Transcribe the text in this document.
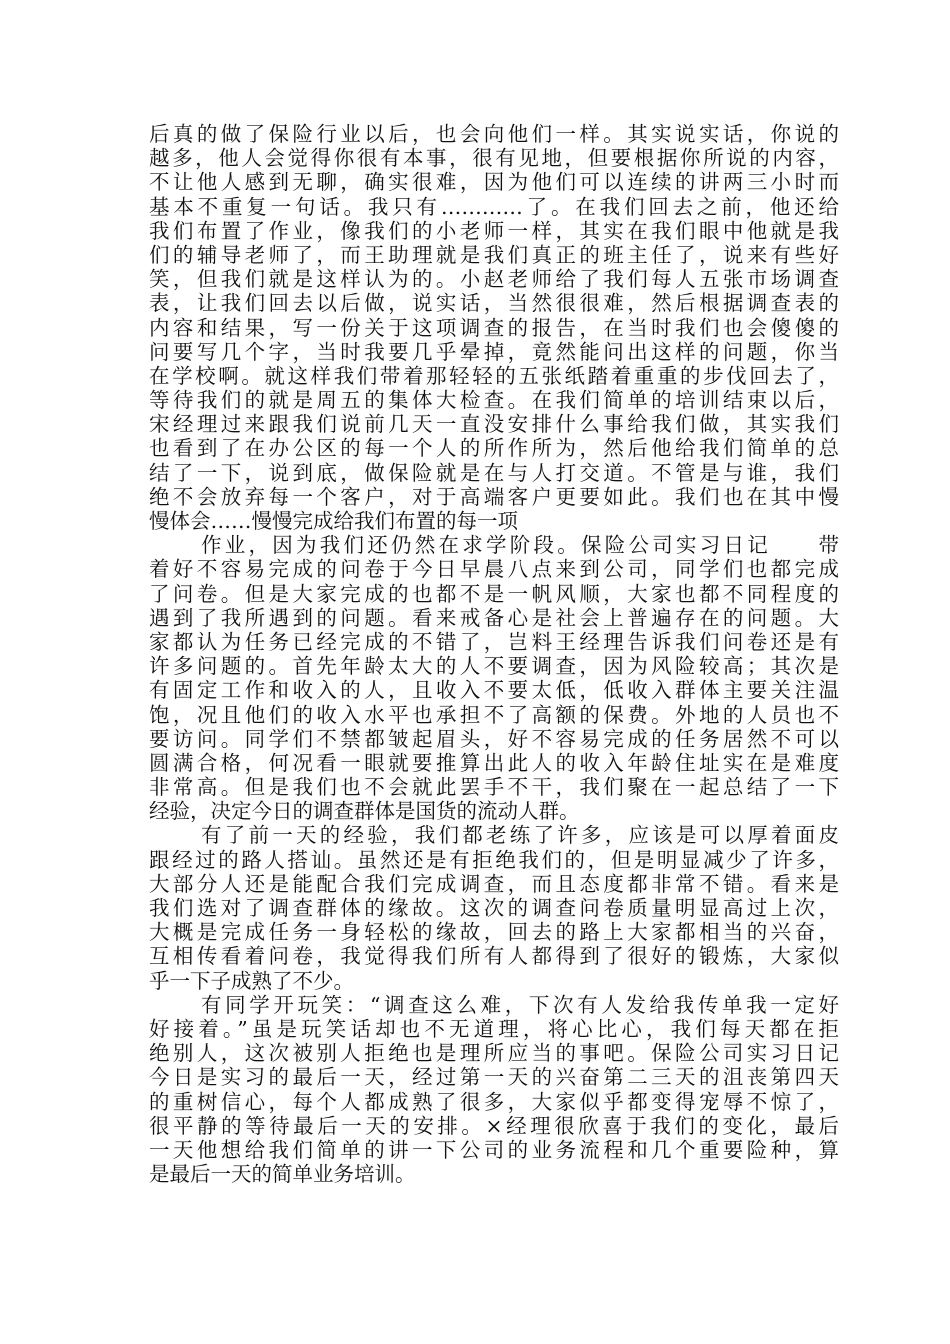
后真的做了保险行业以后，也会向他们一样。其实说实话，你说的
越多，他人会觉得你很有本事，很有见地，但要根据你所说的内容，
不让他人感到无聊，确实很难，因为他们可以连续的讲两三小时而
基本不重复一句话。我只有…………了。在我们回去之前，他还给
我们布置了作业，像我们的小老师一样，其实在我们眼中他就是我
们的辅导老师了，而王助理就是我们真正的班主任了，说来有些好
笑，但我们就是这样认为的。小赵老师给了我们每人五张市场调查
表，让我们回去以后做，说实话，当然很很难，然后根据调查表的
内容和结果，写一份关于这项调查的报告，在当时我们也会傻傻的
问要写几个字，当时我要几乎晕掉，竟然能问出这样的问题，你当
在学校啊。就这样我们带着那轻轻的五张纸踏着重重的步伐回去了，
等待我们的就是周五的集体大检查。在我们简单的培训结束以后，
宋经理过来跟我们说前几天一直没安排什么事给我们做，其实我们
也看到了在办公区的每一个人的所作所为，然后他给我们简单的总
结了一下，说到底，做保险就是在与人打交道。不管是与谁，我们
绝不会放弃每一个客户，对于高端客户更要如此。我们也在其中慢
慢体会……慢慢完成给我们布置的每一项
作业，因为我们还仍然在求学阶段。保险公司实习日记　　带
着好不容易完成的问卷于今日早晨八点来到公司，同学们也都完成
了问卷。但是大家完成的也都不是一帆风顺，大家也都不同程度的
遇到了我所遇到的问题。看来戒备心是社会上普遍存在的问题。大
家都认为任务已经完成的不错了，岂料王经理告诉我们问卷还是有
许多问题的。首先年龄太大的人不要调查，因为风险较高；其次是
有固定工作和收入的人，且收入不要太低，低收入群体主要关注温
饱，况且他们的收入水平也承担不了高额的保费。外地的人员也不
要访问。同学们不禁都皱起眉头，好不容易完成的任务居然不可以
圆满合格，何况看一眼就要推算出此人的收入年龄住址实在是难度
非常高。但是我们也不会就此罢手不干，我们聚在一起总结了一下
经验，决定今日的调查群体是国货的流动人群。
有了前一天的经验，我们都老练了许多，应该是可以厚着面皮
跟经过的路人搭讪。虽然还是有拒绝我们的，但是明显减少了许多，
大部分人还是能配合我们完成调查，而且态度都非常不错。看来是
我们选对了调查群体的缘故。这次的调查问卷质量明显高过上次，
大概是完成任务一身轻松的缘故，回去的路上大家都相当的兴奋，
互相传看着问卷，我觉得我们所有人都得到了很好的锻炼，大家似
乎一下子成熟了不少。
有同学开玩笑：“调查这么难，下次有人发给我传单我一定好
好接着。”虽是玩笑话却也不无道理，将心比心，我们每天都在拒
绝别人，这次被别人拒绝也是理所应当的事吧。保险公司实习日记
今日是实习的最后一天，经过第一天的兴奋第二三天的沮丧第四天
的重树信心，每个人都成熟了很多，大家似乎都变得宠辱不惊了，
很平静的等待最后一天的安排。×经理很欣喜于我们的变化，最后
一天他想给我们简单的讲一下公司的业务流程和几个重要险种，算
是最后一天的简单业务培训。
